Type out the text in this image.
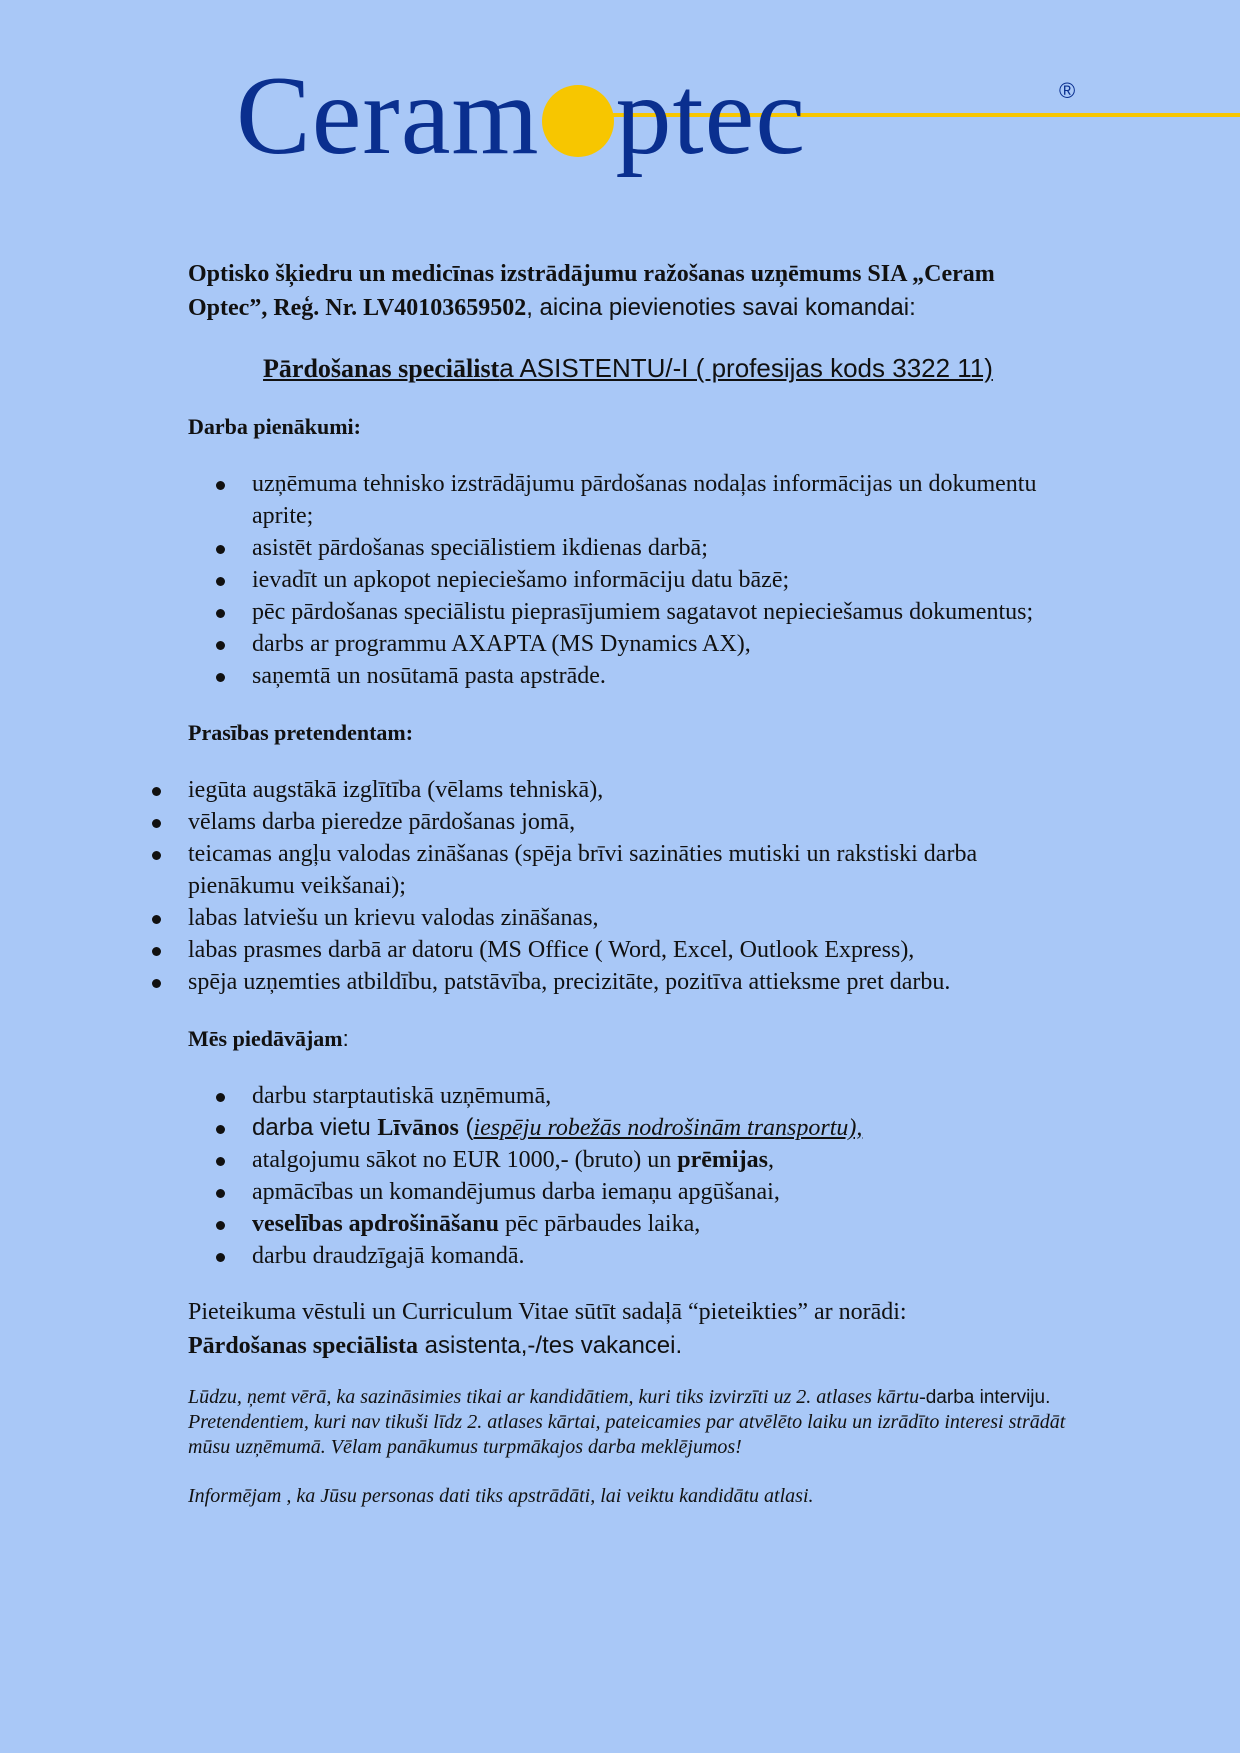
Ceram ptec	®

Optisko šķiedru un medicīnas izstrādājumu ražošanas uzņēmums SIA „Ceram Optec”, Reģ. Nr. LV40103659502, aicina pievienoties savai komandai:

Pārdošanas speciālista ASISTENTU/-I ( profesijas kods 3322 11)
Darba pienākumi:
uzņēmuma tehnisko izstrādājumu pārdošanas nodaļas informācijas un dokumentu aprite;
asistēt pārdošanas speciālistiem ikdienas darbā;
ievadīt un apkopot nepieciešamo informāciju datu bāzē;
pēc pārdošanas speciālistu pieprasījumiem sagatavot nepieciešamus dokumentus;
darbs ar programmu AXAPTA (MS Dynamics AX),
saņemtā un nosūtamā pasta apstrāde.
Prasības pretendentam:
iegūta augstākā izglītība (vēlams tehniskā),
vēlams darba pieredze pārdošanas jomā,
teicamas angļu valodas zināšanas (spēja brīvi sazināties mutiski un rakstiski darba pienākumu veikšanai);
labas latviešu un krievu valodas zināšanas,
labas prasmes darbā ar datoru (MS Office ( Word, Excel, Outlook Express),
spēja uzņemties atbildību, patstāvība, precizitāte, pozitīva attieksme pret darbu.
Mēs piedāvājam:
darbu starptautiskā uzņēmumā,
darba vietu Līvānos (iespēju robežās nodrošinām transportu),
atalgojumu sākot no EUR 1000,- (bruto) un prēmijas,
apmācības un komandējumus darba iemaņu apgūšanai,
veselības apdrošināšanu pēc pārbaudes laika,
darbu draudzīgajā komandā.

Pieteikuma vēstuli un Curriculum Vitae sūtīt sadaļā “pieteikties” ar norādi:
Pārdošanas speciālista asistenta,-/tes vakancei.

Lūdzu, ņemt vērā, ka sazināsimies tikai ar kandidātiem, kuri tiks izvirzīti uz 2. atlases kārtu-darba interviju.

Pretendentiem, kuri nav tikuši līdz 2. atlases kārtai, pateicamies par atvēlēto laiku un izrādīto interesi strādāt mūsu uzņēmumā. Vēlam panākumus turpmākajos darba meklējumos!

Informējam , ka Jūsu personas dati tiks apstrādāti, lai veiktu kandidātu atlasi.
